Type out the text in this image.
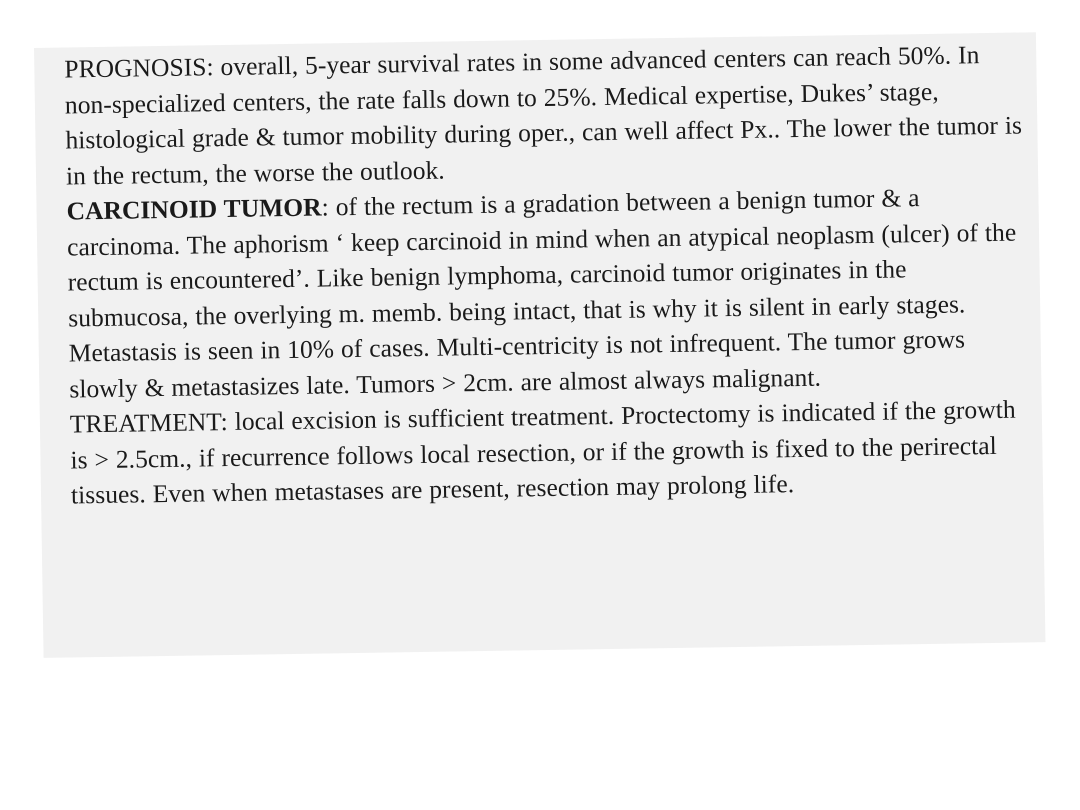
PROGNOSIS: overall, 5-year survival rates in some advanced centers can reach 50%. In non-specialized centers, the rate falls down to 25%. Medical expertise, Dukes’ stage, histological grade & tumor mobility during oper., can well affect Px.. The lower the tumor is in the rectum, the worse the outlook.

CARCINOID TUMOR: of the rectum is a gradation between a benign tumor & a carcinoma. The aphorism ‘ keep carcinoid in mind when an atypical neoplasm (ulcer) of the rectum is encountered’. Like benign lymphoma, carcinoid tumor originates in the submucosa, the overlying m. memb. being intact, that is why it is silent in early stages. Metastasis is seen in 10% of cases. Multi-centricity is not infrequent. The tumor grows slowly & metastasizes late. Tumors > 2cm. are almost always malignant.

TREATMENT: local excision is sufficient treatment. Proctectomy is indicated if the growth is > 2.5cm., if recurrence follows local resection, or if the growth is fixed to the perirectal tissues. Even when metastases are present, resection may prolong life.
